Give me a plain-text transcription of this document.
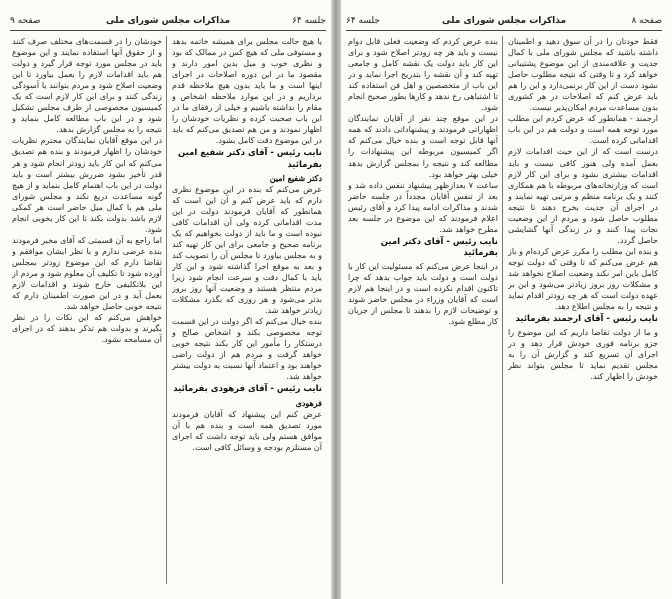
صفحه ۹	مذاکرات مجلس شورای ملی	جلسه ۶۴

یا هیچ حالت مجلس برای همیشه خاتمه بدهد و مستوفی ملی که هیچ کس در ممالک که بود و نظری خوب و میل بدین امور دارند و مقصود ما در این دوره اصلاحات در اجرای اینها است و ما باید بدون هیچ ملاحظه قدم برداریم و در این موارد ملاحظه اشخاص و مقام را نداشته باشیم و خیلی از رفقای ما در این باب صحبت کرده و نظریات خودشان را اظهار نمودند و من هم تصدیق می‌کنم که باید در این موضوع دقت کامل بشود.

نایب رئیس - آقای دکتر شفیع امین بفرمائید

دکتر شفیع امین

عرض می‌کنم که بنده در این موضوع نظری دارم که باید عرض کنم و آن این است که همانطور که آقایان فرمودند دولت در این مدت اقداماتی کرده ولی آن اقدامات کافی نبوده است و ما باید از دولت بخواهیم که یک برنامه صحیح و جامعی برای این کار تهیه کند و به مجلس بیاورد تا مجلس آن را تصویب کند و بعد به موقع اجرا گذاشته شود و این کار باید با کمال دقت و سرعت انجام شود زیرا مردم منتظر هستند و وضعیت آنها روز بروز بدتر می‌شود و هر روزی که بگذرد مشکلات زیادتر خواهد شد.

بنده خیال می‌کنم که اگر دولت در این قسمت توجه مخصوصی بکند و اشخاص صالح و درستکار را مأمور این کار بکند نتیجه خوبی خواهد گرفت و مردم هم از دولت راضی خواهند بود و اعتماد آنها نسبت به دولت بیشتر خواهد شد.

نایب رئیس - آقای فرهودی بفرمائید

فرهودی

عرض کنم این پیشنهاد که آقایان فرمودند مورد تصدیق همه است و بنده هم با آن موافق هستم ولی باید توجه داشت که اجرای آن مستلزم بودجه و وسائل کافی است.

خودشان را در قسمت‌های مختلف صرف کنند و از حقوق آنها استفاده نمایند و این موضوع باید در مجلس مورد توجه قرار گیرد و دولت هم باید اقدامات لازم را بعمل بیاورد تا این وضعیت اصلاح شود و مردم بتوانند با آسودگی زندگی کنند و برای این کار لازم است که یک کمیسیون مخصوصی از طرف مجلس تشکیل شود و در این باب مطالعه کامل بنماید و نتیجه را به مجلس گزارش بدهد.

در این موقع آقایان نمایندگان محترم نظریات خودشان را اظهار فرمودند و بنده هم تصدیق می‌کنم که این کار باید زودتر انجام شود و هر قدر تأخیر بشود ضررش بیشتر است و باید دولت در این باب اهتمام کامل بنماید و از هیچ گونه مساعدت دریغ نکند و مجلس شورای ملی هم با کمال میل حاضر است هر کمکی لازم باشد بدولت بکند تا این کار بخوبی انجام شود.

اما راجع به آن قسمتی که آقای مخبر فرمودند بنده عرضی ندارم و با نظر ایشان موافقم و تقاضا دارم که این موضوع زودتر بمجلس آورده شود تا تکلیف آن معلوم شود و مردم از این بلاتکلیفی خارج شوند و اقدامات لازم بعمل آید و در این صورت اطمینان دارم که نتیجه خوبی حاصل خواهد شد.

خواهش می‌کنم که این نکات را در نظر بگیرند و بدولت هم تذکر بدهند که در اجرای آن مسامحه نشود.

جلسه ۶۴	مذاکرات مجلس شورای ملی	صفحه ۸

فقط خودتان را در آن سوق دهید و اطمینان داشته باشید که مجلس شورای ملی با کمال جدیت و علاقه‌مندی از این موضوع پشتیبانی خواهد کرد و تا وقتی که نتیجه مطلوب حاصل نشود دست از این کار برنمی‌دارد و این را هم باید عرض کنم که اصلاحات در هر کشوری بدون مساعدت مردم امکان‌پذیر نیست.

ارجمند - همانطور که عرض کردم این مطلب مورد توجه همه است و دولت هم در این باب اقداماتی کرده است.

درست است که از این حیث اقدامات لازم بعمل آمده ولی هنوز کافی نیست و باید اقدامات بیشتری بشود و برای این کار لازم است که وزارتخانه‌های مربوطه با هم همکاری کنند و یک برنامه منظم و مرتبی تهیه نمایند و در اجرای آن جدیت بخرج دهند تا نتیجه مطلوب حاصل شود و مردم از این وضعیت نجات پیدا کنند و در زندگی آنها گشایشی حاصل گردد.

و بنده این مطلب را مکرر عرض کرده‌ام و باز هم عرض می‌کنم که تا وقتی که دولت توجه کامل باین امر نکند وضعیت اصلاح نخواهد شد و مشکلات روز بروز زیادتر می‌شود و این بر عهده دولت است که هر چه زودتر اقدام نماید و نتیجه را به مجلس اطلاع دهد.

نایب رئیس - آقای ارجمند بفرمائید

و ما از دولت تقاضا داریم که این موضوع را جزو برنامه فوری خودش قرار دهد و در اجرای آن تسریع کند و گزارش آن را به مجلس تقدیم نماید تا مجلس بتواند نظر خودش را اظهار کند.

بنده عرض کردم که وضعیت فعلی قابل دوام نیست و باید هر چه زودتر اصلاح شود و برای این کار باید دولت یک نقشه کامل و جامعی تهیه کند و آن نقشه را بتدریج اجرا نماید و در این باب از متخصصین و اهل فن استفاده کند تا اشتباهی رخ ندهد و کارها بطور صحیح انجام شود.

در این موقع چند نفر از آقایان نمایندگان اظهاراتی فرمودند و پیشنهاداتی دادند که همه آنها قابل توجه است و بنده خیال می‌کنم که اگر کمیسیون مربوطه این پیشنهادات را مطالعه کند و نتیجه را بمجلس گزارش بدهد خیلی بهتر خواهد بود.

ساعت ۷ بعدازظهر پیشنهاد تنفس داده شد و بعد از تنفس آقایان مجدداً در جلسه حاضر شدند و مذاکرات ادامه پیدا کرد و آقای رئیس اعلام فرمودند که این موضوع در جلسه بعد مطرح خواهد شد.

نایب رئیس - آقای دکتر امین بفرمائید

در اینجا عرض می‌کنم که مسئولیت این کار با دولت است و دولت باید جواب بدهد که چرا تاکنون اقدام نکرده است و در اینجا هم لازم است که آقایان وزراء در مجلس حاضر شوند و توضیحات لازم را بدهند تا مجلس از جریان کار مطلع شود.
